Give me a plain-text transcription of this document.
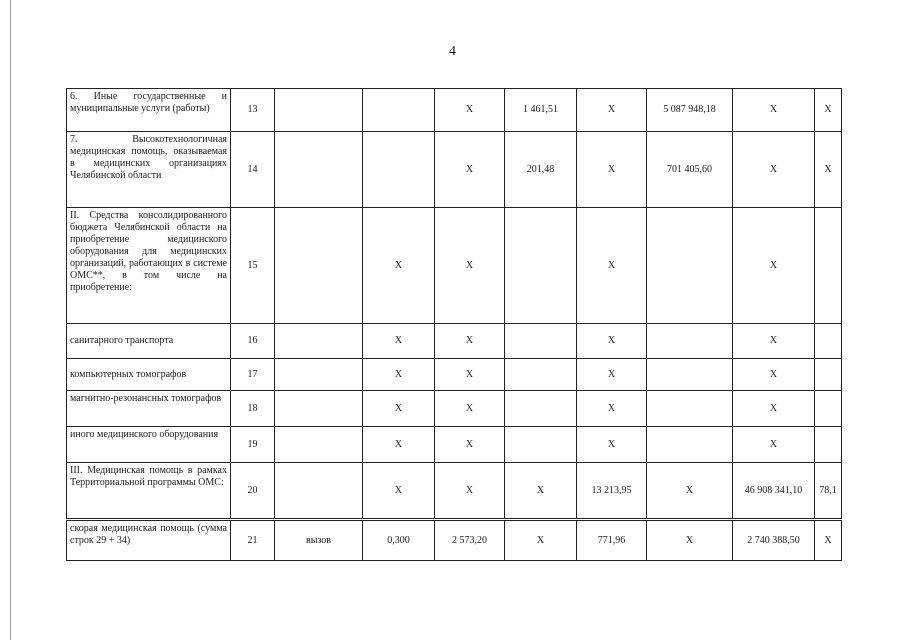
4
6. Иные государственные и муниципальные услуги (работы)	13			X	1 461,51	X	5 087 948,18	X	X
7. Высокотехнологичная медицинская помощь, оказываемая в медицинских организациях Челябинской области	14			X	201,48	X	701 405,60	X	X
II. Средства консолидированного бюджета Челябинской области на приобретение медицинского оборудования для медицинских организаций, работающих в системе ОМС**, в том числе на приобретение:	15		X	X		X		X	
санитарного транспорта	16		X	X		X		X	
компьютерных томографов	17		X	X		X		X	
магнитно-резонансных томографов	18		X	X		X		X	
иного медицинского оборудования	19		X	X		X		X	
III. Медицинская помощь в рамках Территориальной программы ОМС:	20		X	X	X	13 213,95	X	46 908 341,10	78,1
скорая медицинская помощь (сумма строк 29 + 34)	21	вызов	0,300	2 573,20	X	771,96	X	2 740 388,50	X
